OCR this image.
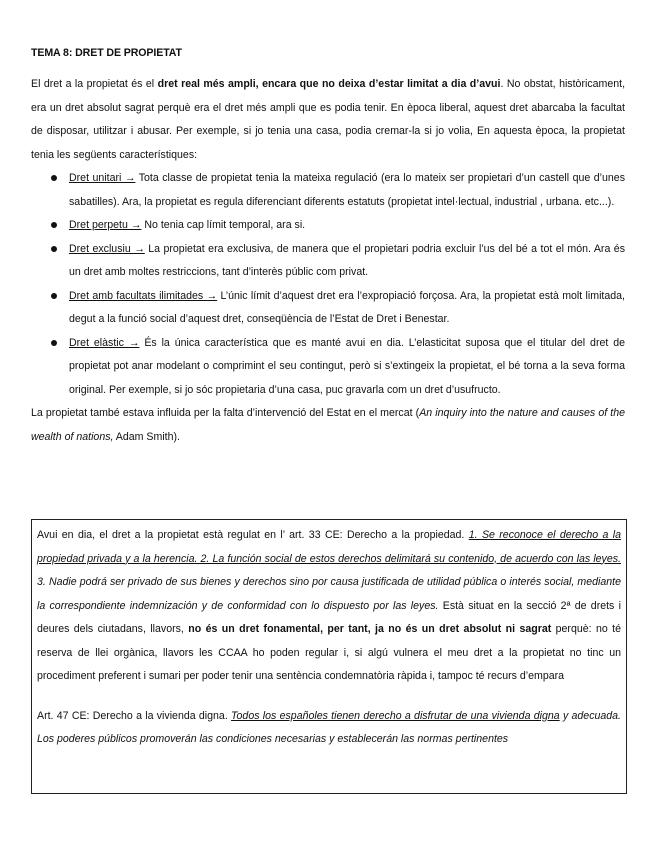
TEMA 8: DRET DE PROPIETAT

El dret a la propietat és el dret real més ampli, encara que no deixa d’estar limitat a dia d’avui. No obstat, històricament, era un dret absolut sagrat perquè era el dret més ampli que es podia tenir. En època liberal, aquest dret abarcaba la facultat de disposar, utilitzar i abusar. Per exemple, si jo tenia una casa, podia cremar-la si jo volia, En aquesta època, la propietat tenia les següents característiques:

Dret unitari → Tota classe de propietat tenia la mateixa regulació (era lo mateix ser propietari d’un castell que d’unes sabatilles). Ara, la propietat es regula diferenciant diferents estatuts (propietat intel·lectual, industrial , urbana. etc...).
Dret perpetu → No tenia cap límit temporal, ara si.
Dret exclusiu → La propietat era exclusiva, de manera que el propietari podria excluir l’us del bé a tot el món. Ara és un dret amb moltes restriccions, tant d’interès públic com privat.
Dret amb facultats ilimitades → L’únic límit d’aquest dret era l’expropiació forçosa. Ara, la propietat està molt limitada, degut a la funció social d’aquest dret, conseqüència de l’Estat de Dret i Benestar.
Dret elàstic → És la única característica que es manté avui en dia. L’elasticitat suposa que el titular del dret de propietat pot anar modelant o comprimint el seu contingut, però si s’extingeix la propietat, el bé torna a la seva forma original. Per exemple, si jo sóc propietaria d’una casa, puc gravarla com un dret d’usufructo.

La propietat també estava influida per la falta d’intervenció del Estat en el mercat (An inquiry into the nature and causes of the wealth of nations, Adam Smith).

Avui en dia, el dret a la propietat està regulat en l’ art. 33 CE: Derecho a la propiedad. 1. Se reconoce el derecho a la propiedad privada y a la herencia. 2. La función social de estos derechos delimitará su contenido, de acuerdo con las leyes. 3. Nadie podrá ser privado de sus bienes y derechos sino por causa justificada de utilidad pública o interés social, mediante la correspondiente indemnización y de conformidad con lo dispuesto por las leyes. Està situat en la secció 2ª de drets i deures dels ciutadans, llavors, no és un dret fonamental, per tant, ja no és un dret absolut ni sagrat perquè: no té reserva de llei orgànica, llavors les CCAA ho poden regular i, si algú vulnera el meu dret a la propietat no tinc un procediment preferent i sumari per poder tenir una sentència condemnatòria ràpida i, tampoc té recurs d’empara

Art. 47 CE: Derecho a la vivienda digna. Todos los españoles tienen derecho a disfrutar de una vivienda digna y adecuada. Los poderes públicos promoverán las condiciones necesarias y establecerán las normas pertinentes
